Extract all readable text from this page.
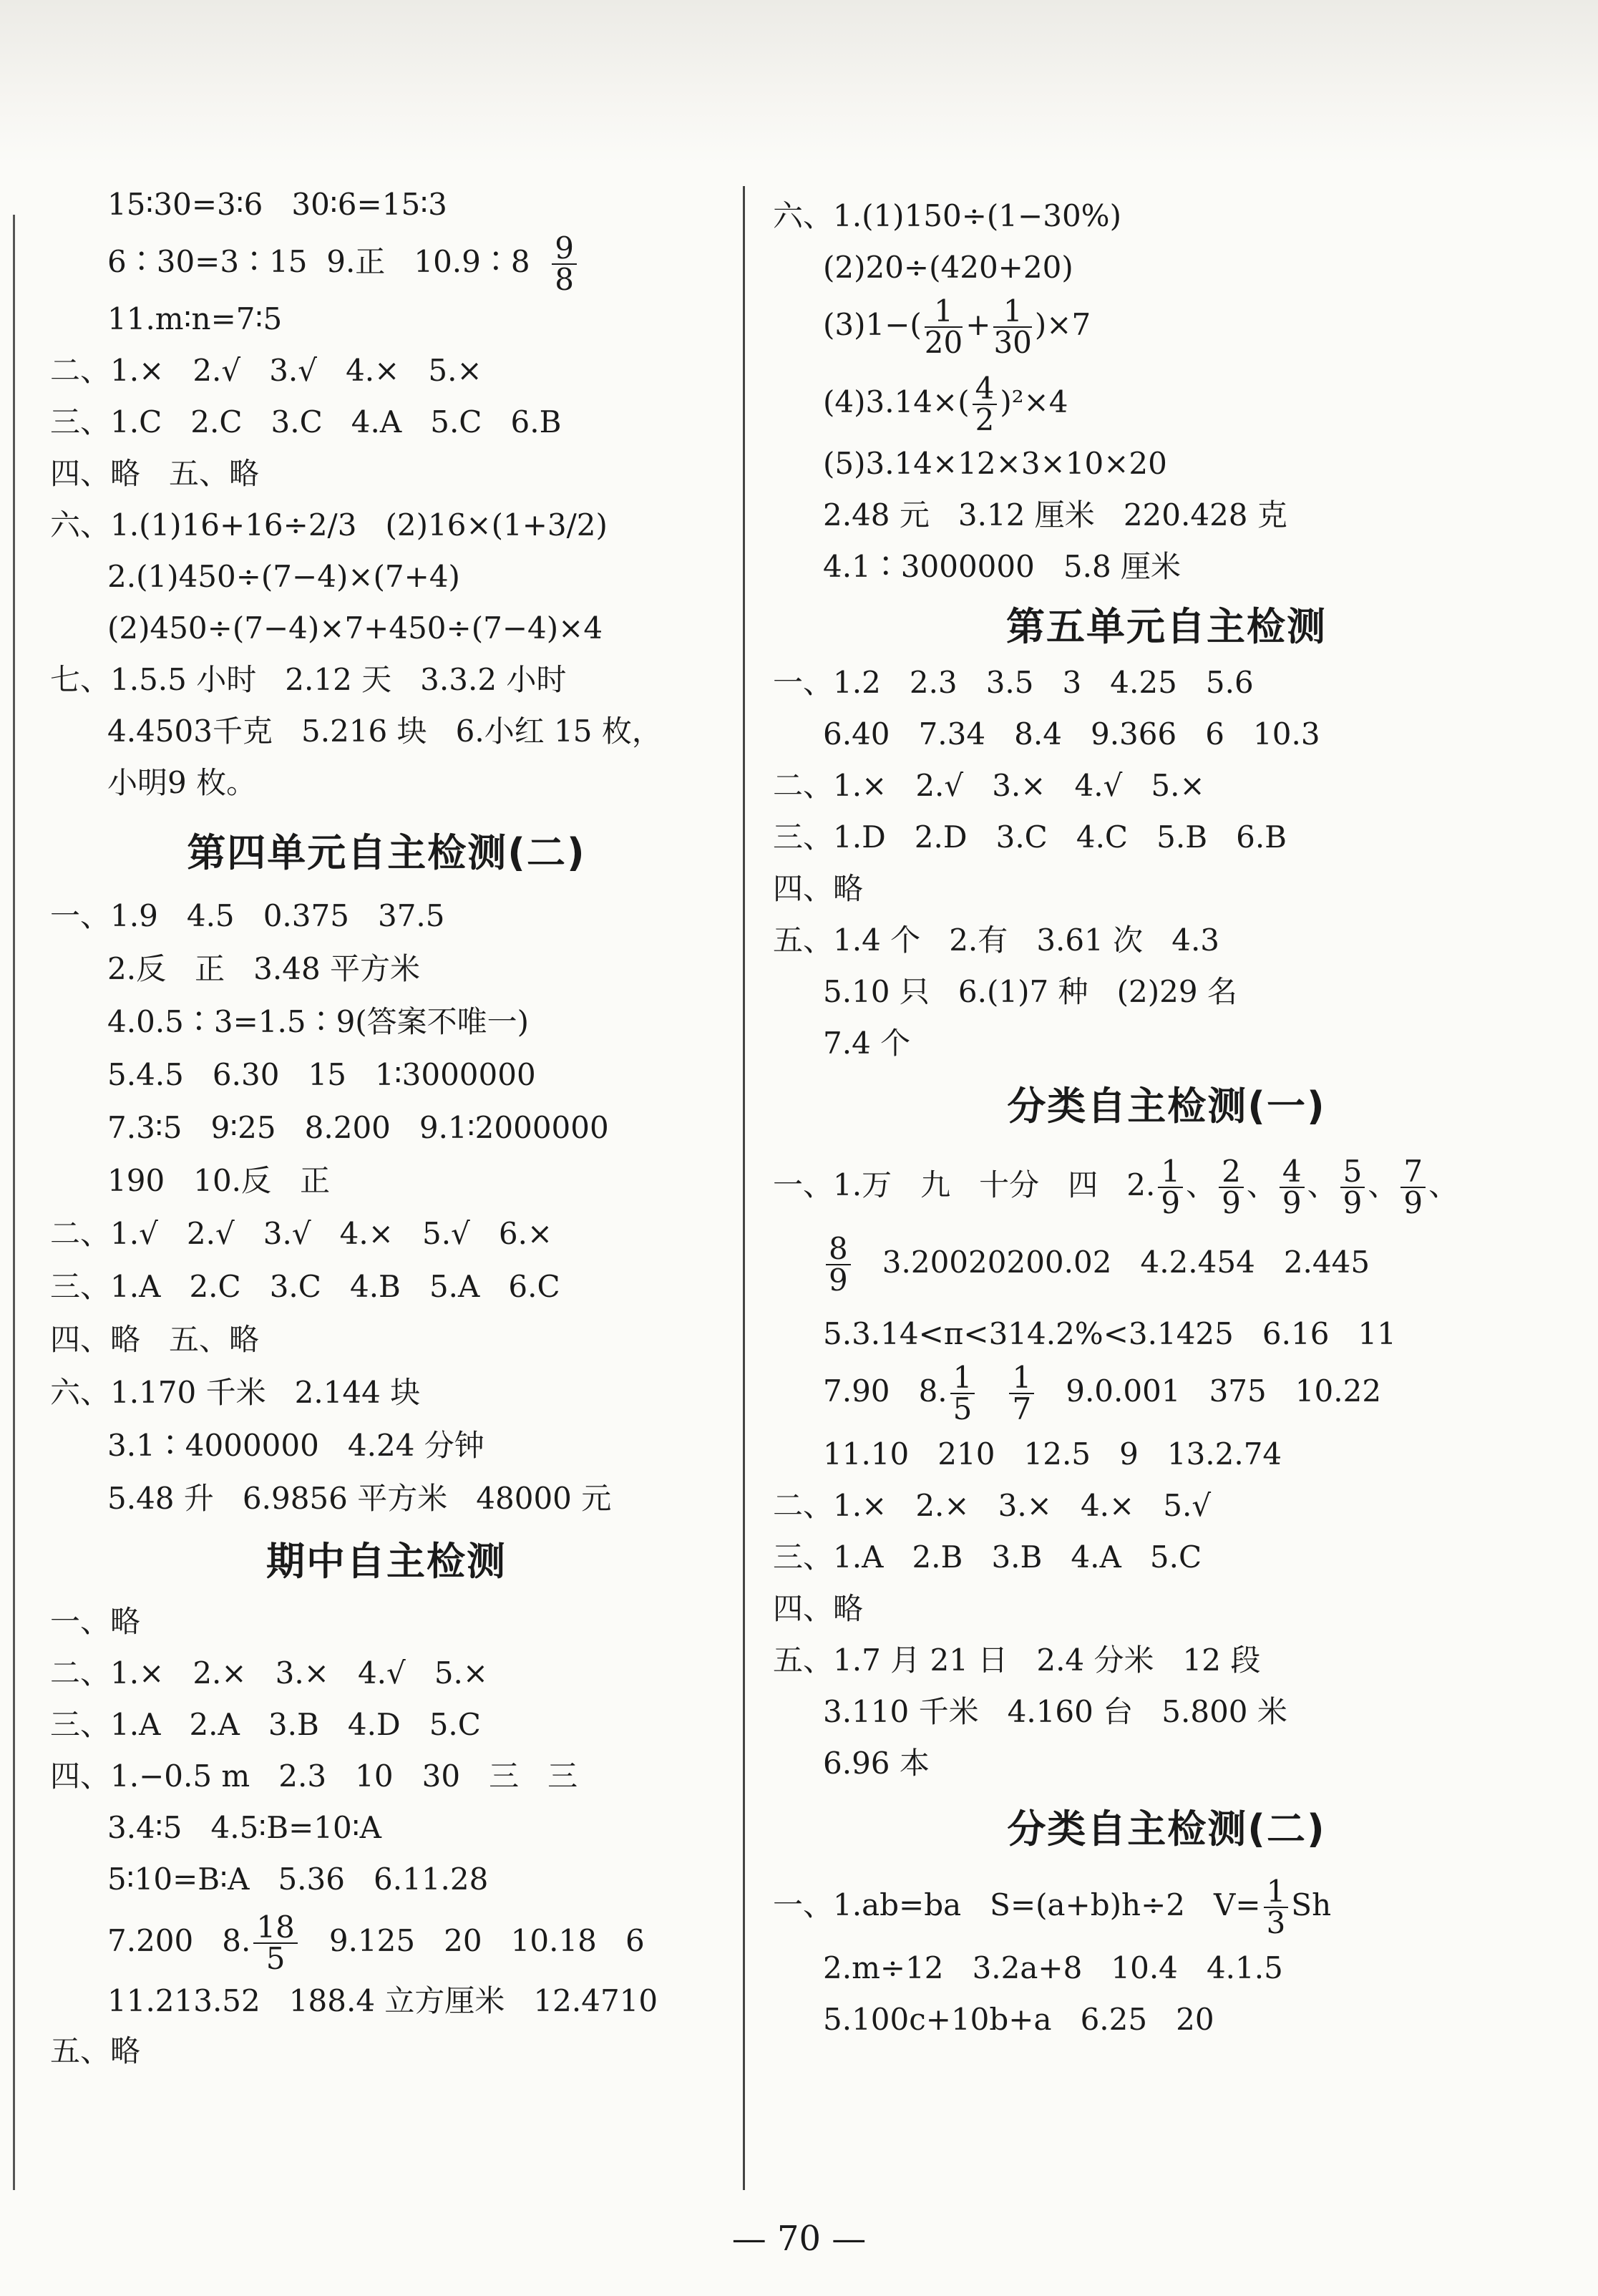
15∶30=3∶6   30∶6=15∶3
6∶30=3∶15  9.正   10.9∶8 $\frac{9}{8}$
11.m∶n=7∶5
二、1.×   2.√   3.√   4.×   5.×
三、1.C   2.C   3.C   4.A   5.C   6.B
四、略   五、略
六、1.(1)16+16÷2/3   (2)16×(1+3/2)
2.(1)450÷(7−4)×(7+4)
(2)450÷(7−4)×7+450÷(7−4)×4
七、1.5.5 小时   2.12 天   3.3.2 小时
4.4503千克   5.216 块   6.小红 15 枚，
小明9 枚。
第四单元自主检测(二)
一、1.9   4.5   0.375   37.5
2.反   正   3.48 平方米
4.0.5∶3=1.5∶9(答案不唯一)
5.4.5   6.30   15   1∶3000000
7.3∶5   9∶25   8.200   9.1∶2000000
190   10.反   正
二、1.√   2.√   3.√   4.×   5.√   6.×
三、1.A   2.C   3.C   4.B   5.A   6.C
四、略   五、略
六、1.170 千米   2.144 块
3.1∶4000000   4.24 分钟
5.48 升   6.9856 平方米   48000 元
期中自主检测
一、略
二、1.×   2.×   3.×   4.√   5.×
三、1.A   2.A   3.B   4.D   5.C
四、1.−0.5 m   2.3   10   30   三   三
3.4∶5   4.5∶B=10∶A
5∶10=B∶A   5.36   6.11.28
7.200   8. $\frac{18}{5} 9.125$   20   10.18   6
11.213.52   188.4 立方厘米   12.4710
五、略
六、1.(1)150÷(1−30%)
(2)20÷(420+20)
$(3)1-( \frac{1}{20} + \frac{1}{30} )\times 7$
$(4)3.14\times( \frac{4}{2} )^2\times 4$
(5)3.14×12×3×10×20
2.48 元   3.12 厘米   220.428 克
4.1∶3000000   5.8 厘米
第五单元自主检测
一、1.2   2.3   3.5   3   4.25   5.6
6.40   7.34   8.4   9.366   6   10.3
二、1.×   2.√   3.×   4.√   5.×
三、1.D   2.D   3.C   4.C   5.B   6.B
四、略
五、1.4 个   2.有   3.61 次   4.3
5.10 只   6.(1)7 种   (2)29 名
7.4 个
分类自主检测(一)
一、1.万   九   十分   四   2. $\frac{1}{9}$ 、 $\frac{2}{9}$ 、 $\frac{4}{9}$ 、 $\frac{5}{9}$ 、 $\frac{7}{9}$ 、
$\frac{8}{9} 3.20020200.02$   4.2.454   2.445
5.3.14<π<314.2%<3.1425   6.16   11
7.90   8. $\frac{1}{5}$
$\frac{1}{7} 9.0.001$   375   10.22
11.10   210   12.5   9   13.2.74
二、1.×   2.×   3.×   4.×   5.√
三、1.A   2.B   3.B   4.A   5.C
四、略
五、1.7 月 21 日   2.4 分米   12 段
3.110 千米   4.160 台   5.800 米
6.96 本
分类自主检测(二)
一、1.ab=ba   S=(a+b)h÷2   $V= \frac{1}{3}$ Sh
2.m÷12   3.2a+8   10.4   4.1.5
5.100c+10b+a   6.25   20
— 70 —
